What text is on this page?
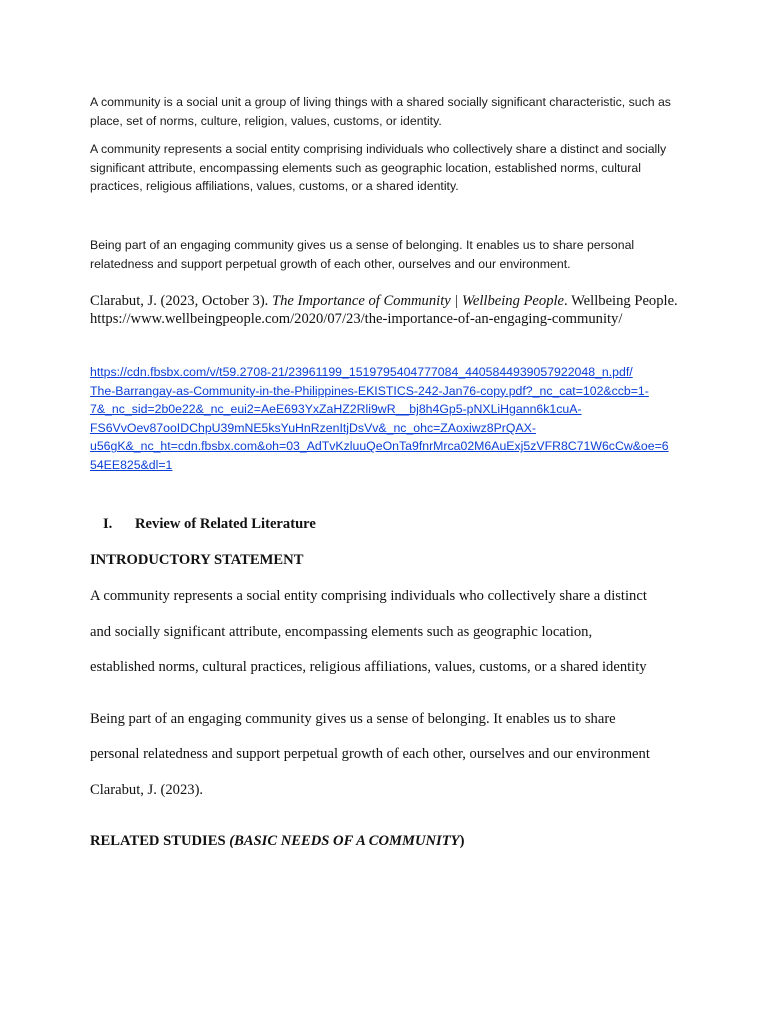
A community is a social unit a group of living things with a shared socially significant characteristic, such as place, set of norms, culture, religion, values, customs, or identity.

A community represents a social entity comprising individuals who collectively share a distinct and socially significant attribute, encompassing elements such as geographic location, established norms, cultural practices, religious affiliations, values, customs, or a shared identity.

Being part of an engaging community gives us a sense of belonging. It enables us to share personal relatedness and support perpetual growth of each other, ourselves and our environment.

Clarabut, J. (2023, October 3). The Importance of Community | Wellbeing People. Wellbeing People. https://www.wellbeingpeople.com/2020/07/23/the-importance-of-an-engaging-community/

https://cdn.fbsbx.com/v/t59.2708-21/23961199_1519795404777084_4405844939057922048_n.pdf/
The-Barrangay-as-Community-in-the-Philippines-EKISTICS-242-Jan76-copy.pdf?_nc_cat=102&ccb=1-
7&_nc_sid=2b0e22&_nc_eui2=AeE693YxZaHZ2Rli9wR__bj8h4Gp5-pNXLiHgann6k1cuA-
FS6VvOev87ooIDChpU39mNE5ksYuHnRzenItjDsVv&_nc_ohc=ZAoxiwz8PrQAX-
u56gK&_nc_ht=cdn.fbsbx.com&oh=03_AdTvKzluuQeOnTa9fnrMrca02M6AuExj5zVFR8C71W6cCw&oe=6
54EE825&dl=1
I. Review of Related Literature
INTRODUCTORY STATEMENT
A community represents a social entity comprising individuals who collectively share a distinct
and socially significant attribute, encompassing elements such as geographic location,
established norms, cultural practices, religious affiliations, values, customs, or a shared identity
Being part of an engaging community gives us a sense of belonging. It enables us to share
personal relatedness and support perpetual growth of each other, ourselves and our environment
Clarabut, J. (2023).
RELATED STUDIES (BASIC NEEDS OF A COMMUNITY)
